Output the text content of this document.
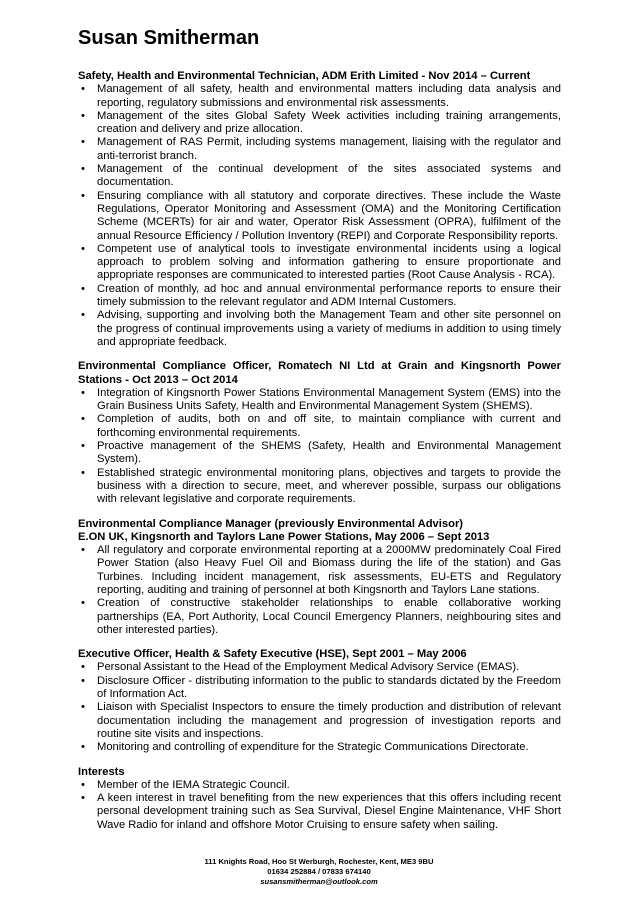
Susan Smitherman
Safety, Health and Environmental Technician, ADM Erith Limited - Nov 2014 – Current
• Management of all safety, health and environmental matters including data analysis and reporting, regulatory submissions and environmental risk assessments.
• Management of the sites Global Safety Week activities including training arrangements, creation and delivery and prize allocation.
• Management of RAS Permit, including systems management, liaising with the regulator and anti-terrorist branch.
• Management of the continual development of the sites associated systems and documentation.
• Ensuring compliance with all statutory and corporate directives. These include the Waste Regulations, Operator Monitoring and Assessment (OMA) and the Monitoring Certification Scheme (MCERTs) for air and water, Operator Risk Assessment (OPRA), fulfilment of the annual Resource Efficiency / Pollution Inventory (REPI) and Corporate Responsibility reports.
• Competent use of analytical tools to investigate environmental incidents using a logical approach to problem solving and information gathering to ensure proportionate and appropriate responses are communicated to interested parties (Root Cause Analysis - RCA).
• Creation of monthly, ad hoc and annual environmental performance reports to ensure their timely submission to the relevant regulator and ADM Internal Customers.
• Advising, supporting and involving both the Management Team and other site personnel on the progress of continual improvements using a variety of mediums in addition to using timely and appropriate feedback.
Environmental Compliance Officer, Romatech NI Ltd at Grain and Kingsnorth Power Stations - Oct 2013 – Oct 2014
• Integration of Kingsnorth Power Stations Environmental Management System (EMS) into the Grain Business Units Safety, Health and Environmental Management System (SHEMS).
• Completion of audits, both on and off site, to maintain compliance with current and forthcoming environmental requirements.
• Proactive management of the SHEMS (Safety, Health and Environmental Management System).
• Established strategic environmental monitoring plans, objectives and targets to provide the business with a direction to secure, meet, and wherever possible, surpass our obligations with relevant legislative and corporate requirements.
Environmental Compliance Manager (previously Environmental Advisor)
E.ON UK, Kingsnorth and Taylors Lane Power Stations, May 2006 – Sept 2013
• All regulatory and corporate environmental reporting at a 2000MW predominately Coal Fired Power Station (also Heavy Fuel Oil and Biomass during the life of the station) and Gas Turbines. Including incident management, risk assessments, EU-ETS and Regulatory reporting, auditing and training of personnel at both Kingsnorth and Taylors Lane stations.
• Creation of constructive stakeholder relationships to enable collaborative working partnerships (EA, Port Authority, Local Council Emergency Planners, neighbouring sites and other interested parties).
Executive Officer, Health & Safety Executive (HSE), Sept 2001 – May 2006
• Personal Assistant to the Head of the Employment Medical Advisory Service (EMAS).
• Disclosure Officer - distributing information to the public to standards dictated by the Freedom of Information Act.
• Liaison with Specialist Inspectors to ensure the timely production and distribution of relevant documentation including the management and progression of investigation reports and routine site visits and inspections.
• Monitoring and controlling of expenditure for the Strategic Communications Directorate.
Interests
• Member of the IEMA Strategic Council.
• A keen interest in travel benefiting from the new experiences that this offers including recent personal development training such as Sea Survival, Diesel Engine Maintenance, VHF Short Wave Radio for inland and offshore Motor Cruising to ensure safety when sailing.
111 Knights Road, Hoo St Werburgh, Rochester, Kent, ME3 9BU
01634 252884 / 07833 674140
susansmitherman@outlook.com
